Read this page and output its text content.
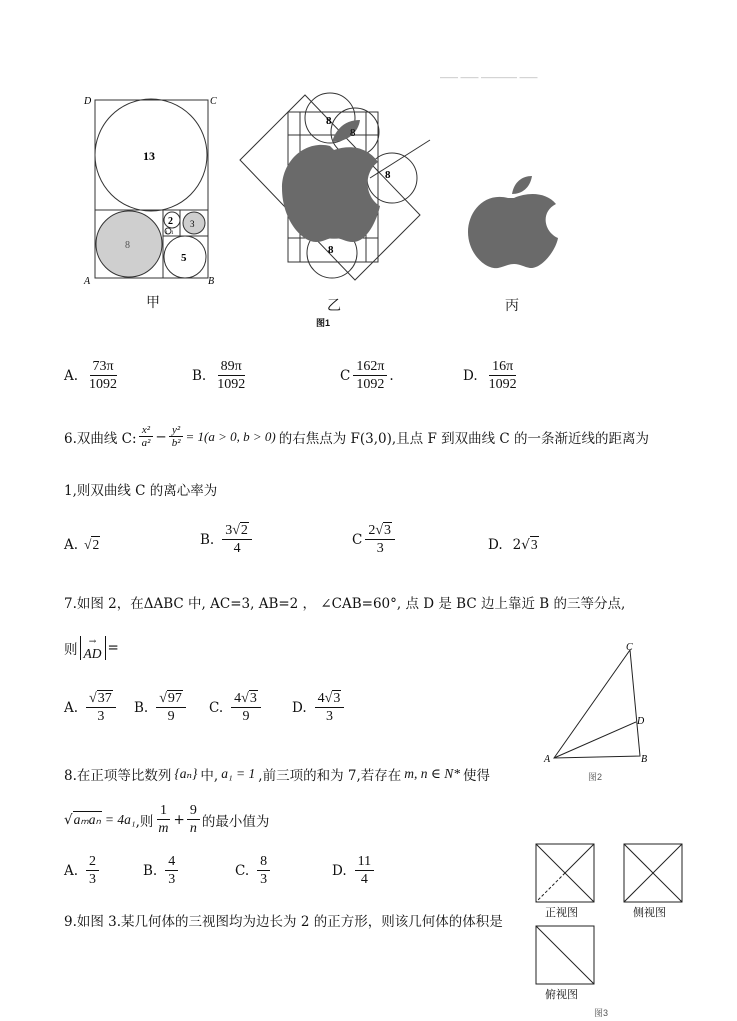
—— —— ———— ——
D	C
A	B
13
8
5
2 3
1 1
8
8
8
8
甲	乙	丙
图1
A. $\frac{73\pi}{1092}$	B. $\frac{89\pi}{1092}$	C $\frac{162\pi}{1092}$ .	D. $\frac{16\pi}{1092}$
6.双曲线 C: $\frac{\text{x²}}{\text{a²}} - \frac{\text{y²}}{\text{b²}} = 1(a > 0$, b > 0) 的右焦点为 F(3,0),且点 F 到双曲线 C 的一条渐近线的距离为
1,则双曲线 C 的离心率为
A. √ 2	B. $\frac{3√2}{4}$	C $\frac{2√3}{3}$	D. 2 √ 3
7.如图 2，在ΔABC 中, AC=3, AB=2 ， ∠CAB=60°, 点 D 是 BC 边上靠近 B 的三等分点,
则 →
AD =
A. $\frac{√37}{3} B$. $\frac{√97}{9} C$. $\frac{4√3}{9} D$. $\frac{4√3}{3}$
C
D
A	B
图2
8.在正项等比数列 {aₙ} 中, a₁ = 1 ,前三项的和为 7,若存在 m, n ∈ N* 使得
√ aₘaₙ = 4a₁ ,则 $\frac{1}{m} + \frac{9}{n}$ 的最小值为
A. $\frac{2}{3}$	B. $\frac{4}{3}$	C. $\frac{8}{3}$	D. $\frac{11}{4}$
9.如图 3.某几何体的三视图均为边长为 2 的正方形，则该几何体的体积是
正视图	侧视图
俯视图
图3
